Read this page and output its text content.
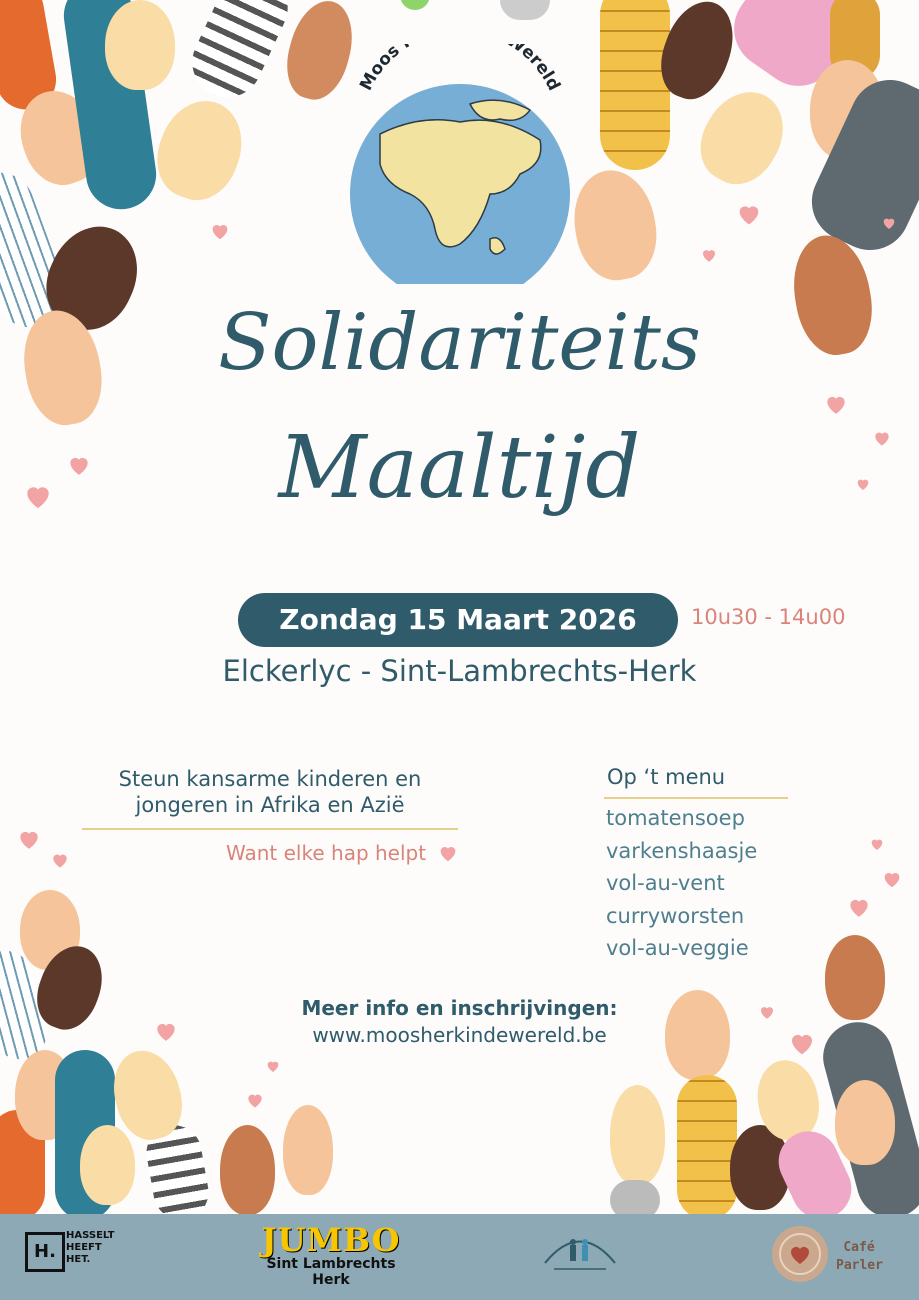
Moos ereld
Solidariteits
Maaltijd
Zondag 15 Maart 2026	10u30 - 14u00
Elckerlyc - Sint-Lambrechts-Herk
Steun kansarme kinderen en jongeren in Afrika en Azië
Want elke hap helpt
Op ‘t menu
tomatensoep
varkenshaasje
vol-au-vent
curryworsten
vol-au-veggie
Meer info en inschrijvingen:
www.moosherkindewereld.be
H.
HASSELT HEEFT HET.
JUMBO
Sint Lambrechts Herk
Café Parler
